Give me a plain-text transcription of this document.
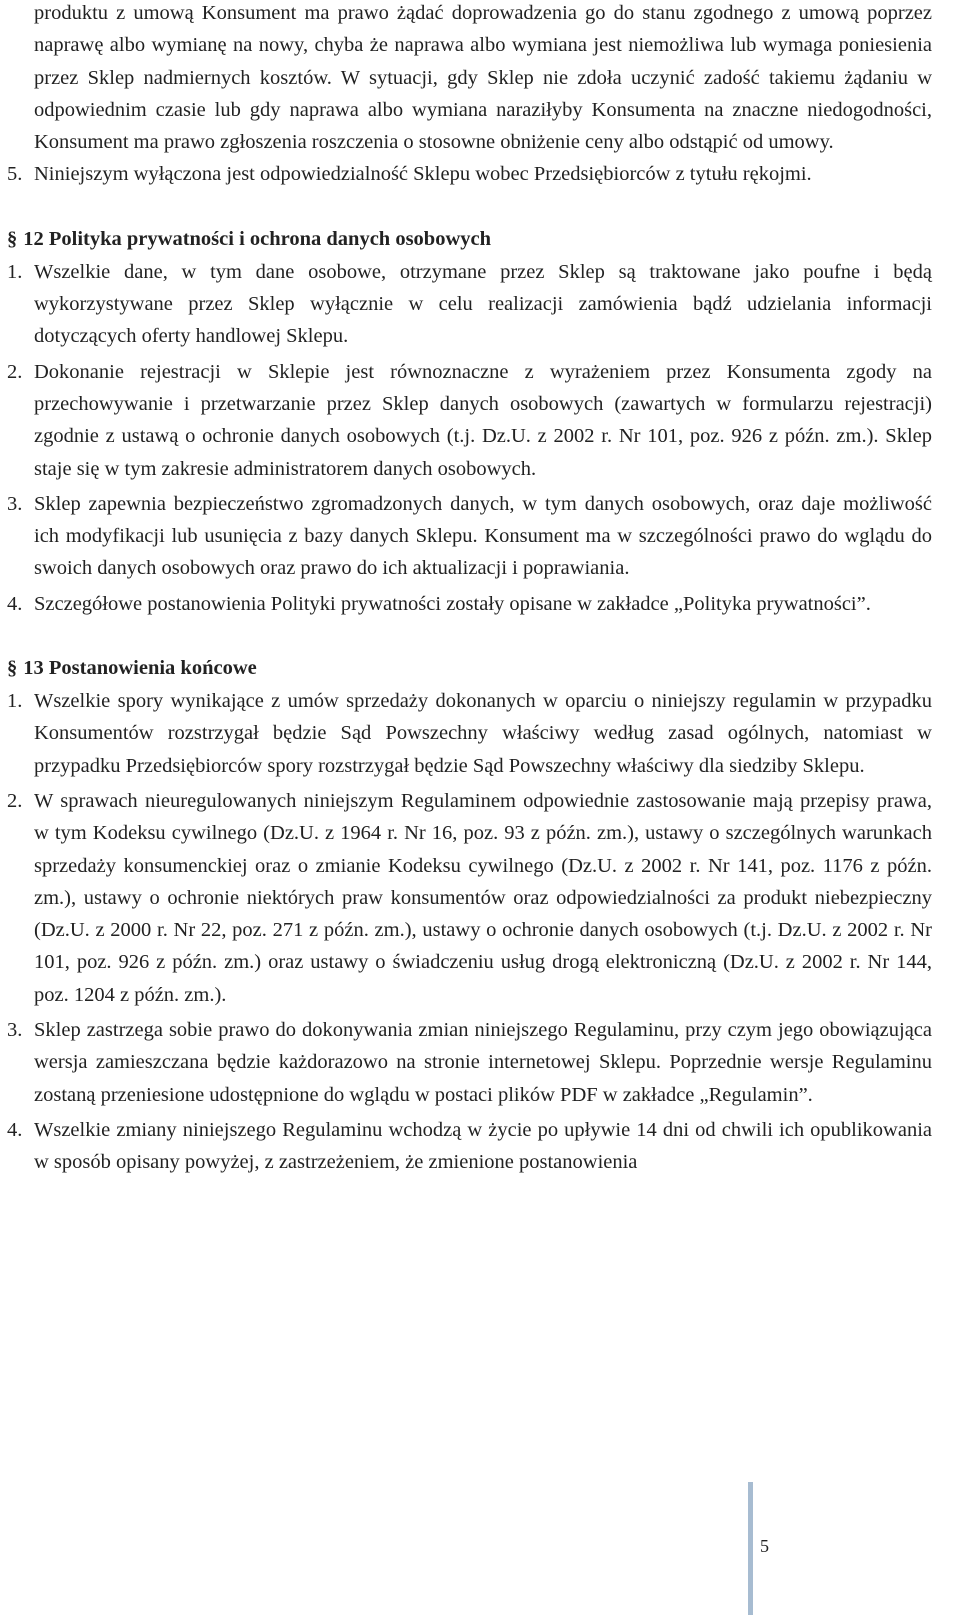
produktu z umową Konsument ma prawo żądać doprowadzenia go do stanu zgodnego z umową poprzez naprawę albo wymianę na nowy, chyba że naprawa albo wymiana jest niemożliwa lub wymaga poniesienia przez Sklep nadmiernych kosztów. W sytuacji, gdy Sklep nie zdoła uczynić zadość takiemu żądaniu w odpowiednim czasie lub gdy naprawa albo wymiana naraziłyby Konsumenta na znaczne niedogodności, Konsument ma prawo zgłoszenia roszczenia o stosowne obniżenie ceny albo odstąpić od umowy.
5. Niniejszym wyłączona jest odpowiedzialność Sklepu wobec Przedsiębiorców z tytułu rękojmi.
§ 12 Polityka prywatności i ochrona danych osobowych
1. Wszelkie dane, w tym dane osobowe, otrzymane przez Sklep są traktowane jako poufne i będą wykorzystywane przez Sklep wyłącznie w celu realizacji zamówienia bądź udzielania informacji dotyczących oferty handlowej Sklepu.
2. Dokonanie rejestracji w Sklepie jest równoznaczne z wyrażeniem przez Konsumenta zgody na przechowywanie i przetwarzanie przez Sklep danych osobowych (zawartych w formularzu rejestracji) zgodnie z ustawą o ochronie danych osobowych (t.j. Dz.U. z 2002 r. Nr 101, poz. 926 z późn. zm.). Sklep staje się w tym zakresie administratorem danych osobowych.
3. Sklep zapewnia bezpieczeństwo zgromadzonych danych, w tym danych osobowych, oraz daje możliwość ich modyfikacji lub usunięcia z bazy danych Sklepu. Konsument ma w szczególności prawo do wglądu do swoich danych osobowych oraz prawo do ich aktualizacji i poprawiania.
4. Szczegółowe postanowienia Polityki prywatności zostały opisane w zakładce „Polityka prywatności”.
§ 13 Postanowienia końcowe
1. Wszelkie spory wynikające z umów sprzedaży dokonanych w oparciu o niniejszy regulamin w przypadku Konsumentów rozstrzygał będzie Sąd Powszechny właściwy według zasad ogólnych, natomiast w przypadku Przedsiębiorców spory rozstrzygał będzie Sąd Powszechny właściwy dla siedziby Sklepu.
2. W sprawach nieuregulowanych niniejszym Regulaminem odpowiednie zastosowanie mają przepisy prawa, w tym Kodeksu cywilnego (Dz.U. z 1964 r. Nr 16, poz. 93 z późn. zm.), ustawy o szczególnych warunkach sprzedaży konsumenckiej oraz o zmianie Kodeksu cywilnego (Dz.U. z 2002 r. Nr 141, poz. 1176 z późn. zm.), ustawy o ochronie niektórych praw konsumentów oraz odpowiedzialności za produkt niebezpieczny (Dz.U. z 2000 r. Nr 22, poz. 271 z późn. zm.), ustawy o ochronie danych osobowych (t.j. Dz.U. z 2002 r. Nr 101, poz. 926 z późn. zm.) oraz ustawy o świadczeniu usług drogą elektroniczną (Dz.U. z 2002 r. Nr 144, poz. 1204 z późn. zm.).
3. Sklep zastrzega sobie prawo do dokonywania zmian niniejszego Regulaminu, przy czym jego obowiązująca wersja zamieszczana będzie każdorazowo na stronie internetowej Sklepu. Poprzednie wersje Regulaminu zostaną przeniesione udostępnione do wglądu w postaci plików PDF w zakładce „Regulamin”.
4. Wszelkie zmiany niniejszego Regulaminu wchodzą w życie po upływie 14 dni od chwili ich opublikowania w sposób opisany powyżej, z zastrzeżeniem, że zmienione postanowienia
5
